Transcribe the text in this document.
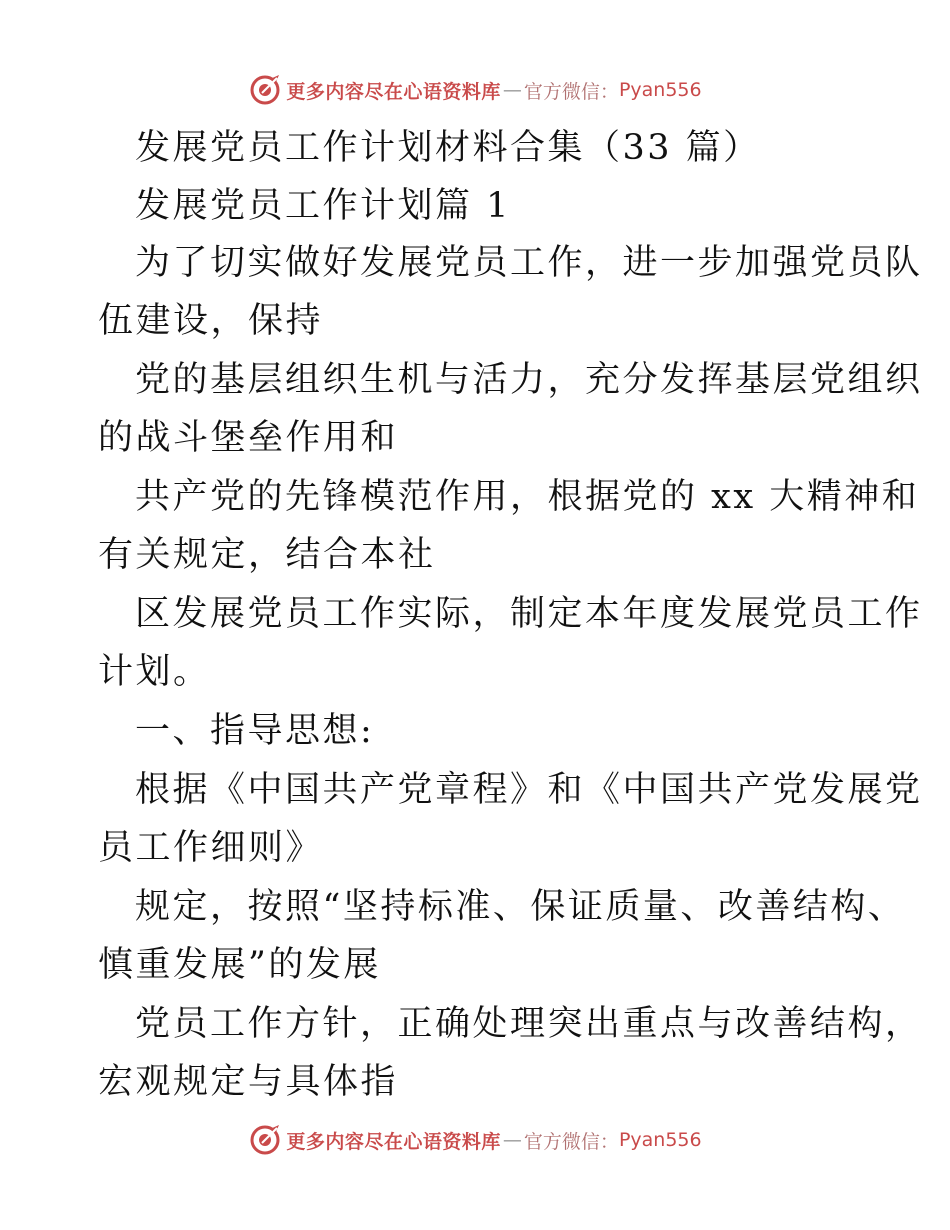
更多内容尽在心语资料库 — 官方微信： Pyan556
发展党员工作计划材料合集（33 篇）
发展党员工作计划篇 1
为了切实做好发展党员工作，进一步加强党员队
伍建设，保持
党的基层组织生机与活力，充分发挥基层党组织
的战斗堡垒作用和
共产党的先锋模范作用，根据党的 xx 大精神和
有关规定，结合本社
区发展党员工作实际，制定本年度发展党员工作
计划。
一、指导思想:
根据《中国共产党章程》和《中国共产党发展党
员工作细则》
规定，按照“坚持标准、保证质量、改善结构、
慎重发展”的发展
党员工作方针，正确处理突出重点与改善结构，
宏观规定与具体指
更多内容尽在心语资料库 — 官方微信： Pyan556
